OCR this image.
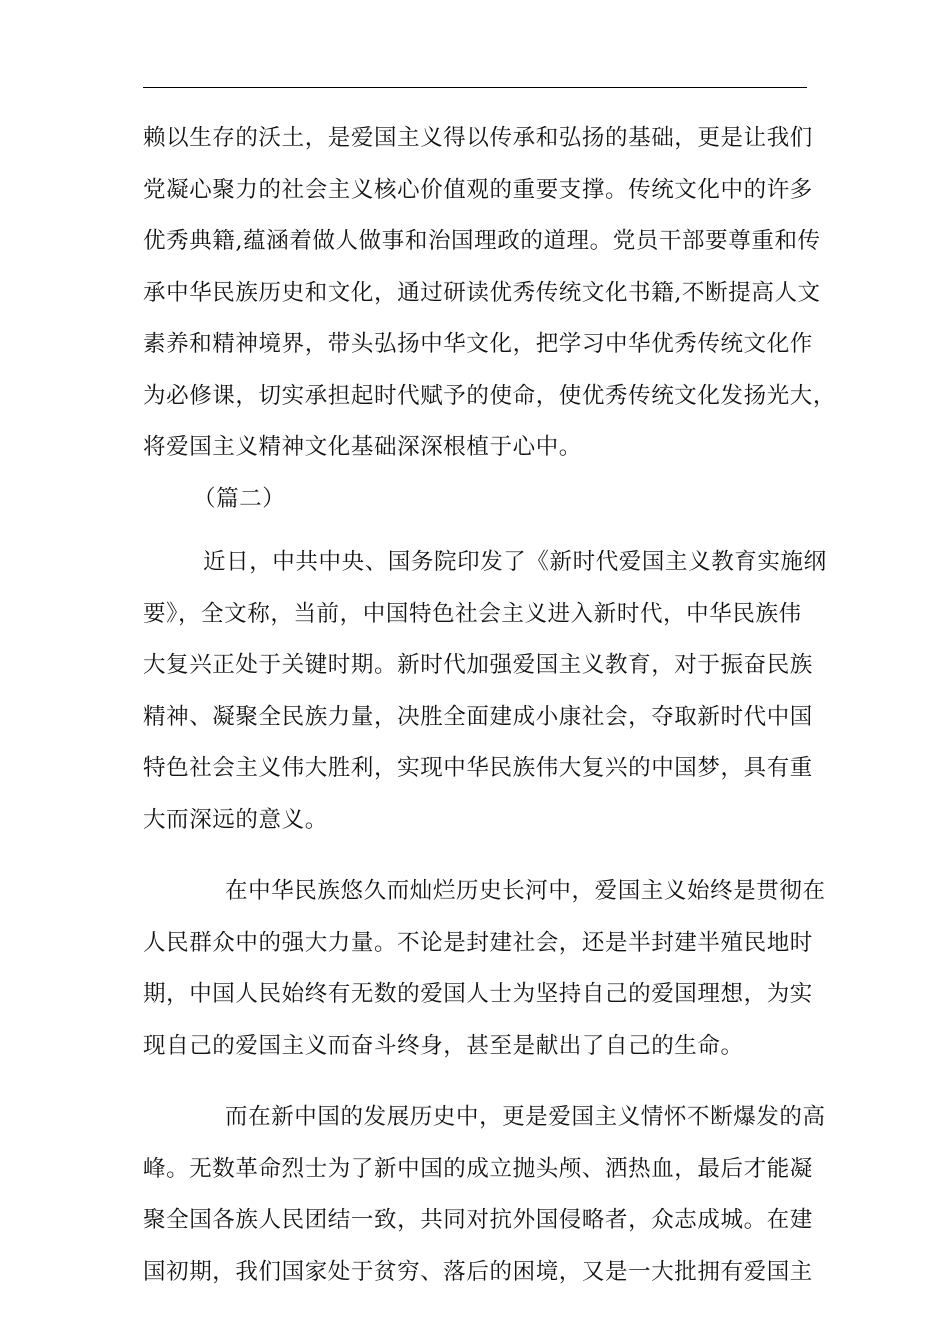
赖以生存的沃土，是爱国主义得以传承和弘扬的基础，更是让我们
党凝心聚力的社会主义核心价值观的重要支撑。传统文化中的许多
优秀典籍,蕴涵着做人做事和治国理政的道理。党员干部要尊重和传
承中华民族历史和文化，通过研读优秀传统文化书籍,不断提高人文
素养和精神境界，带头弘扬中华文化，把学习中华优秀传统文化作
为必修课，切实承担起时代赋予的使命，使优秀传统文化发扬光大，
将爱国主义精神文化基础深深根植于心中。
（篇二）
近日，中共中央、国务院印发了《新时代爱国主义教育实施纲
要》，全文称，当前，中国特色社会主义进入新时代，中华民族伟
大复兴正处于关键时期。新时代加强爱国主义教育，对于振奋民族
精神、凝聚全民族力量，决胜全面建成小康社会，夺取新时代中国
特色社会主义伟大胜利，实现中华民族伟大复兴的中国梦，具有重
大而深远的意义。
在中华民族悠久而灿烂历史长河中，爱国主义始终是贯彻在
人民群众中的强大力量。不论是封建社会，还是半封建半殖民地时
期，中国人民始终有无数的爱国人士为坚持自己的爱国理想，为实
现自己的爱国主义而奋斗终身，甚至是献出了自己的生命。
而在新中国的发展历史中，更是爱国主义情怀不断爆发的高
峰。无数革命烈士为了新中国的成立抛头颅、洒热血，最后才能凝
聚全国各族人民团结一致，共同对抗外国侵略者，众志成城。在建
国初期，我们国家处于贫穷、落后的困境，又是一大批拥有爱国主
